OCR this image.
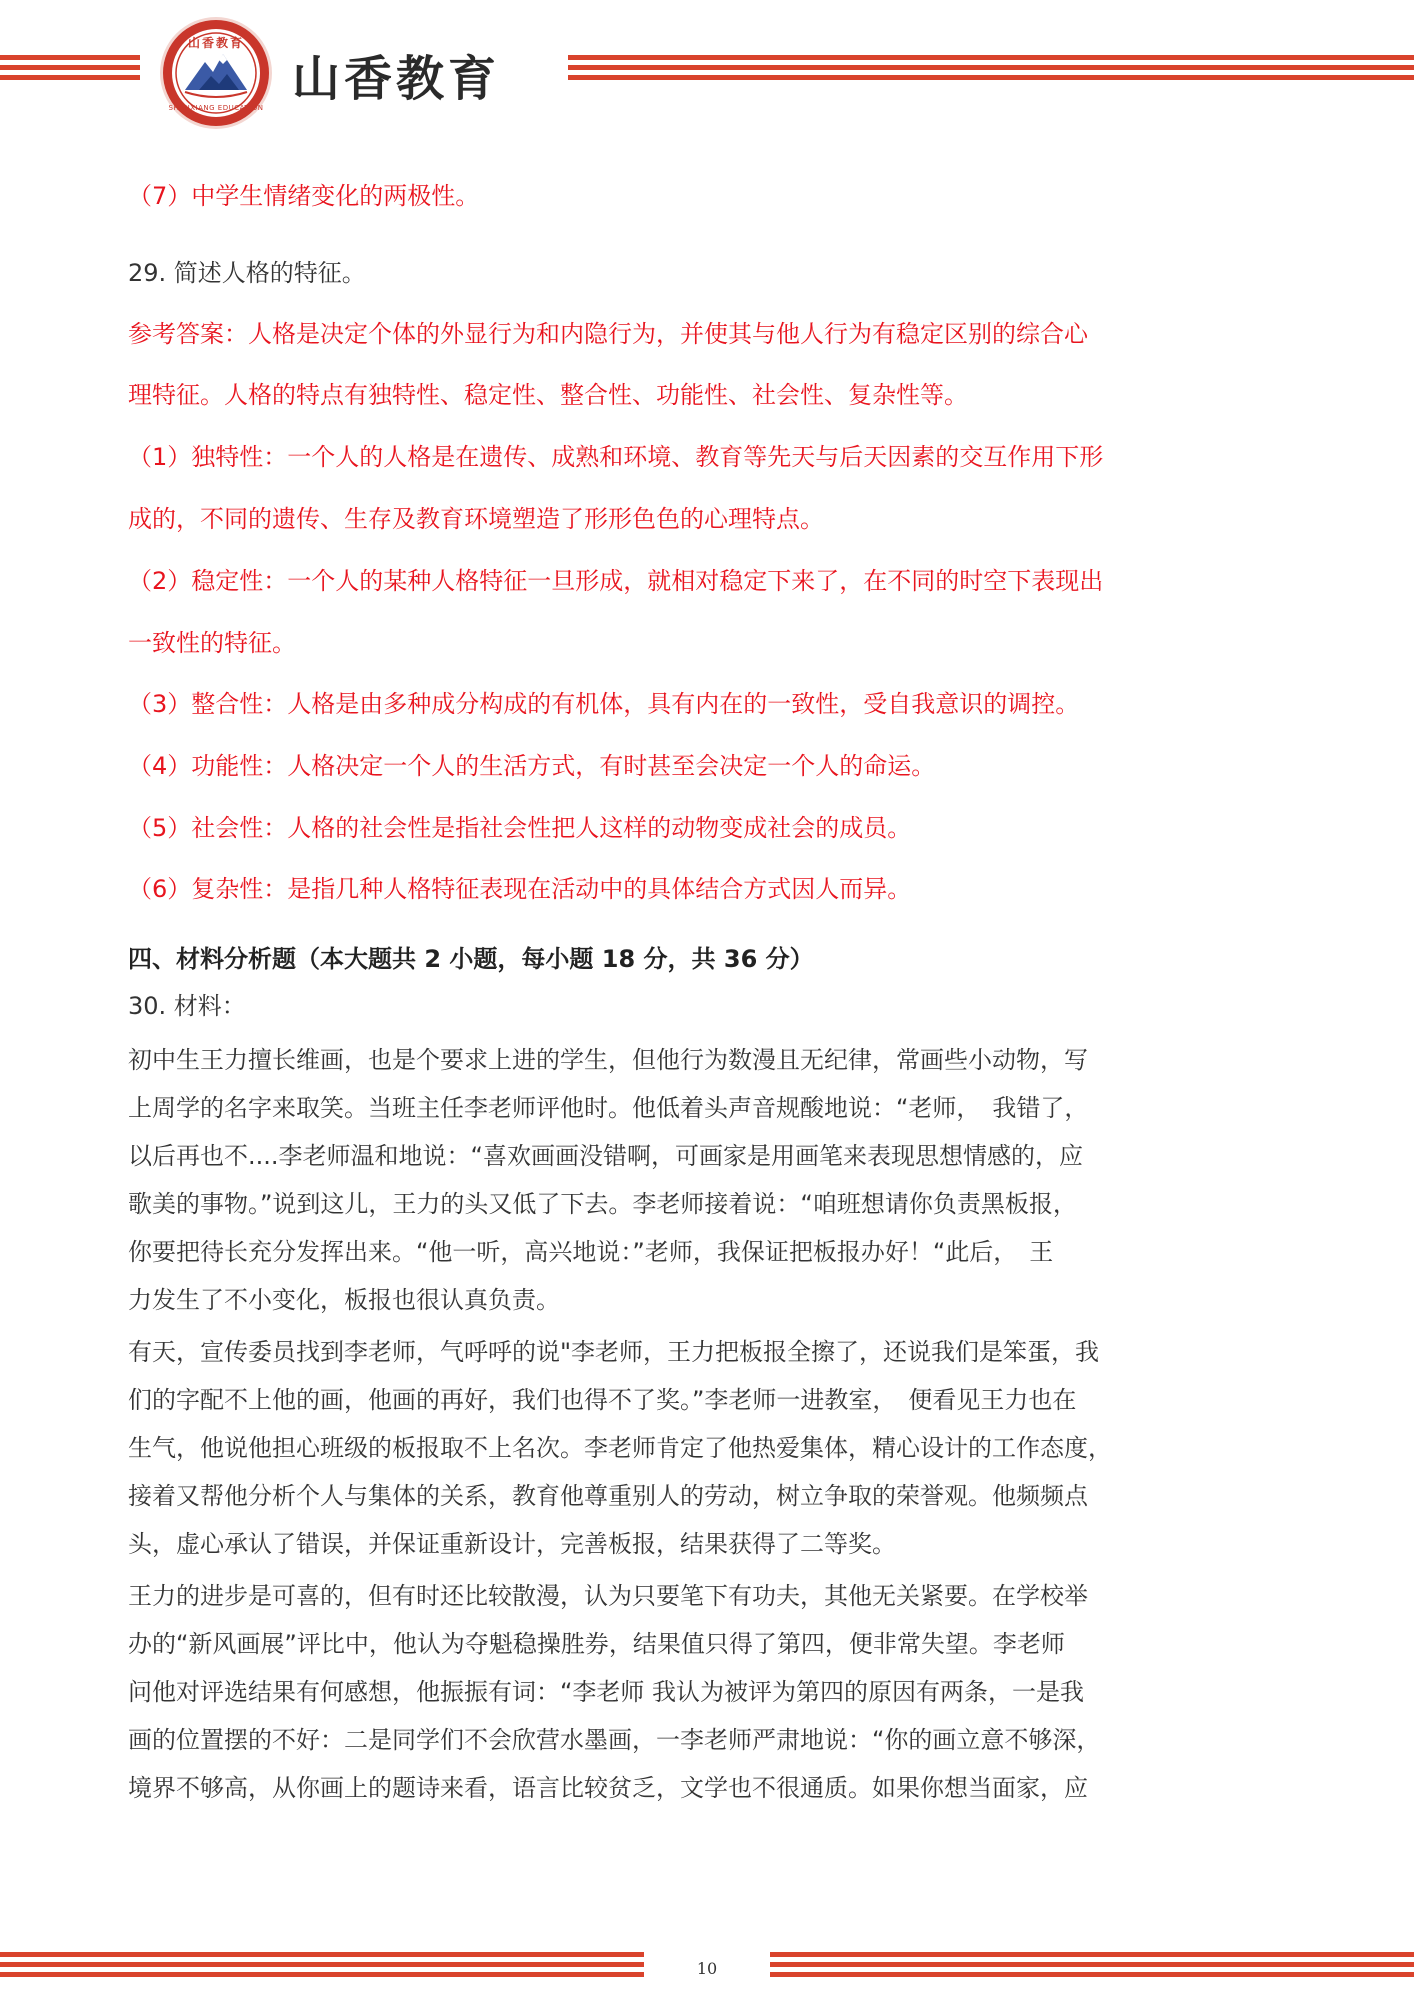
山香教育
SHANXIANG EDUCATION
山香教育

（7）中学生情绪变化的两极性。

29. 简述人格的特征。

参考答案：人格是决定个体的外显行为和内隐行为，并使其与他人行为有稳定区别的综合心

理特征。人格的特点有独特性、稳定性、整合性、功能性、社会性、复杂性等。

（1）独特性：一个人的人格是在遗传、成熟和环境、教育等先天与后天因素的交互作用下形

成的，不同的遗传、生存及教育环境塑造了形形色色的心理特点。

（2）稳定性：一个人的某种人格特征一旦形成，就相对稳定下来了，在不同的时空下表现出

一致性的特征。

（3）整合性：人格是由多种成分构成的有机体，具有内在的一致性，受自我意识的调控。

（4）功能性：人格决定一个人的生活方式，有时甚至会决定一个人的命运。

（5）社会性：人格的社会性是指社会性把人这样的动物变成社会的成员。

（6）复杂性：是指几种人格特征表现在活动中的具体结合方式因人而异。

四、材料分析题（本大题共 2 小题，每小题 18 分，共 36 分）

30. 材料：

初中生王力擅长维画，也是个要求上进的学生，但他行为数漫且无纪律，常画些小动物，写
上周学的名字来取笑。当班主任李老师评他时。他低着头声音规酸地说：“老师，　我错了，
以后再也不....李老师温和地说：“喜欢画画没错啊，可画家是用画笔来表现思想情感的，应
歌美的事物。”说到这儿，王力的头又低了下去。李老师接着说：“咱班想请你负责黑板报，
你要把待长充分发挥出来。“他一听，高兴地说：”老师，我保证把板报办好！“此后，　王
力发生了不小变化，板报也很认真负责。
有天，宣传委员找到李老师，气呼呼的说"李老师，王力把板报全擦了，还说我们是笨蛋，我
们的字配不上他的画，他画的再好，我们也得不了奖。”李老师一进教室，　便看见王力也在
生气，他说他担心班级的板报取不上名次。李老师肯定了他热爱集体，精心设计的工作态度，
接着又帮他分析个人与集体的关系，教育他尊重别人的劳动，树立争取的荣誉观。他频频点
头，虚心承认了错误，并保证重新设计，完善板报，结果获得了二等奖。
王力的进步是可喜的，但有时还比较散漫，认为只要笔下有功夫，其他无关紧要。在学校举
办的“新风画展”评比中，他认为夺魁稳操胜券，结果值只得了第四，便非常失望。李老师
问他对评选结果有何感想，他振振有词：“李老师 我认为被评为第四的原因有两条，一是我
画的位置摆的不好：二是同学们不会欣营水墨画，一李老师严肃地说：“你的画立意不够深，
境界不够高，从你画上的题诗来看，语言比较贫乏，文学也不很通质。如果你想当面家，应
10
